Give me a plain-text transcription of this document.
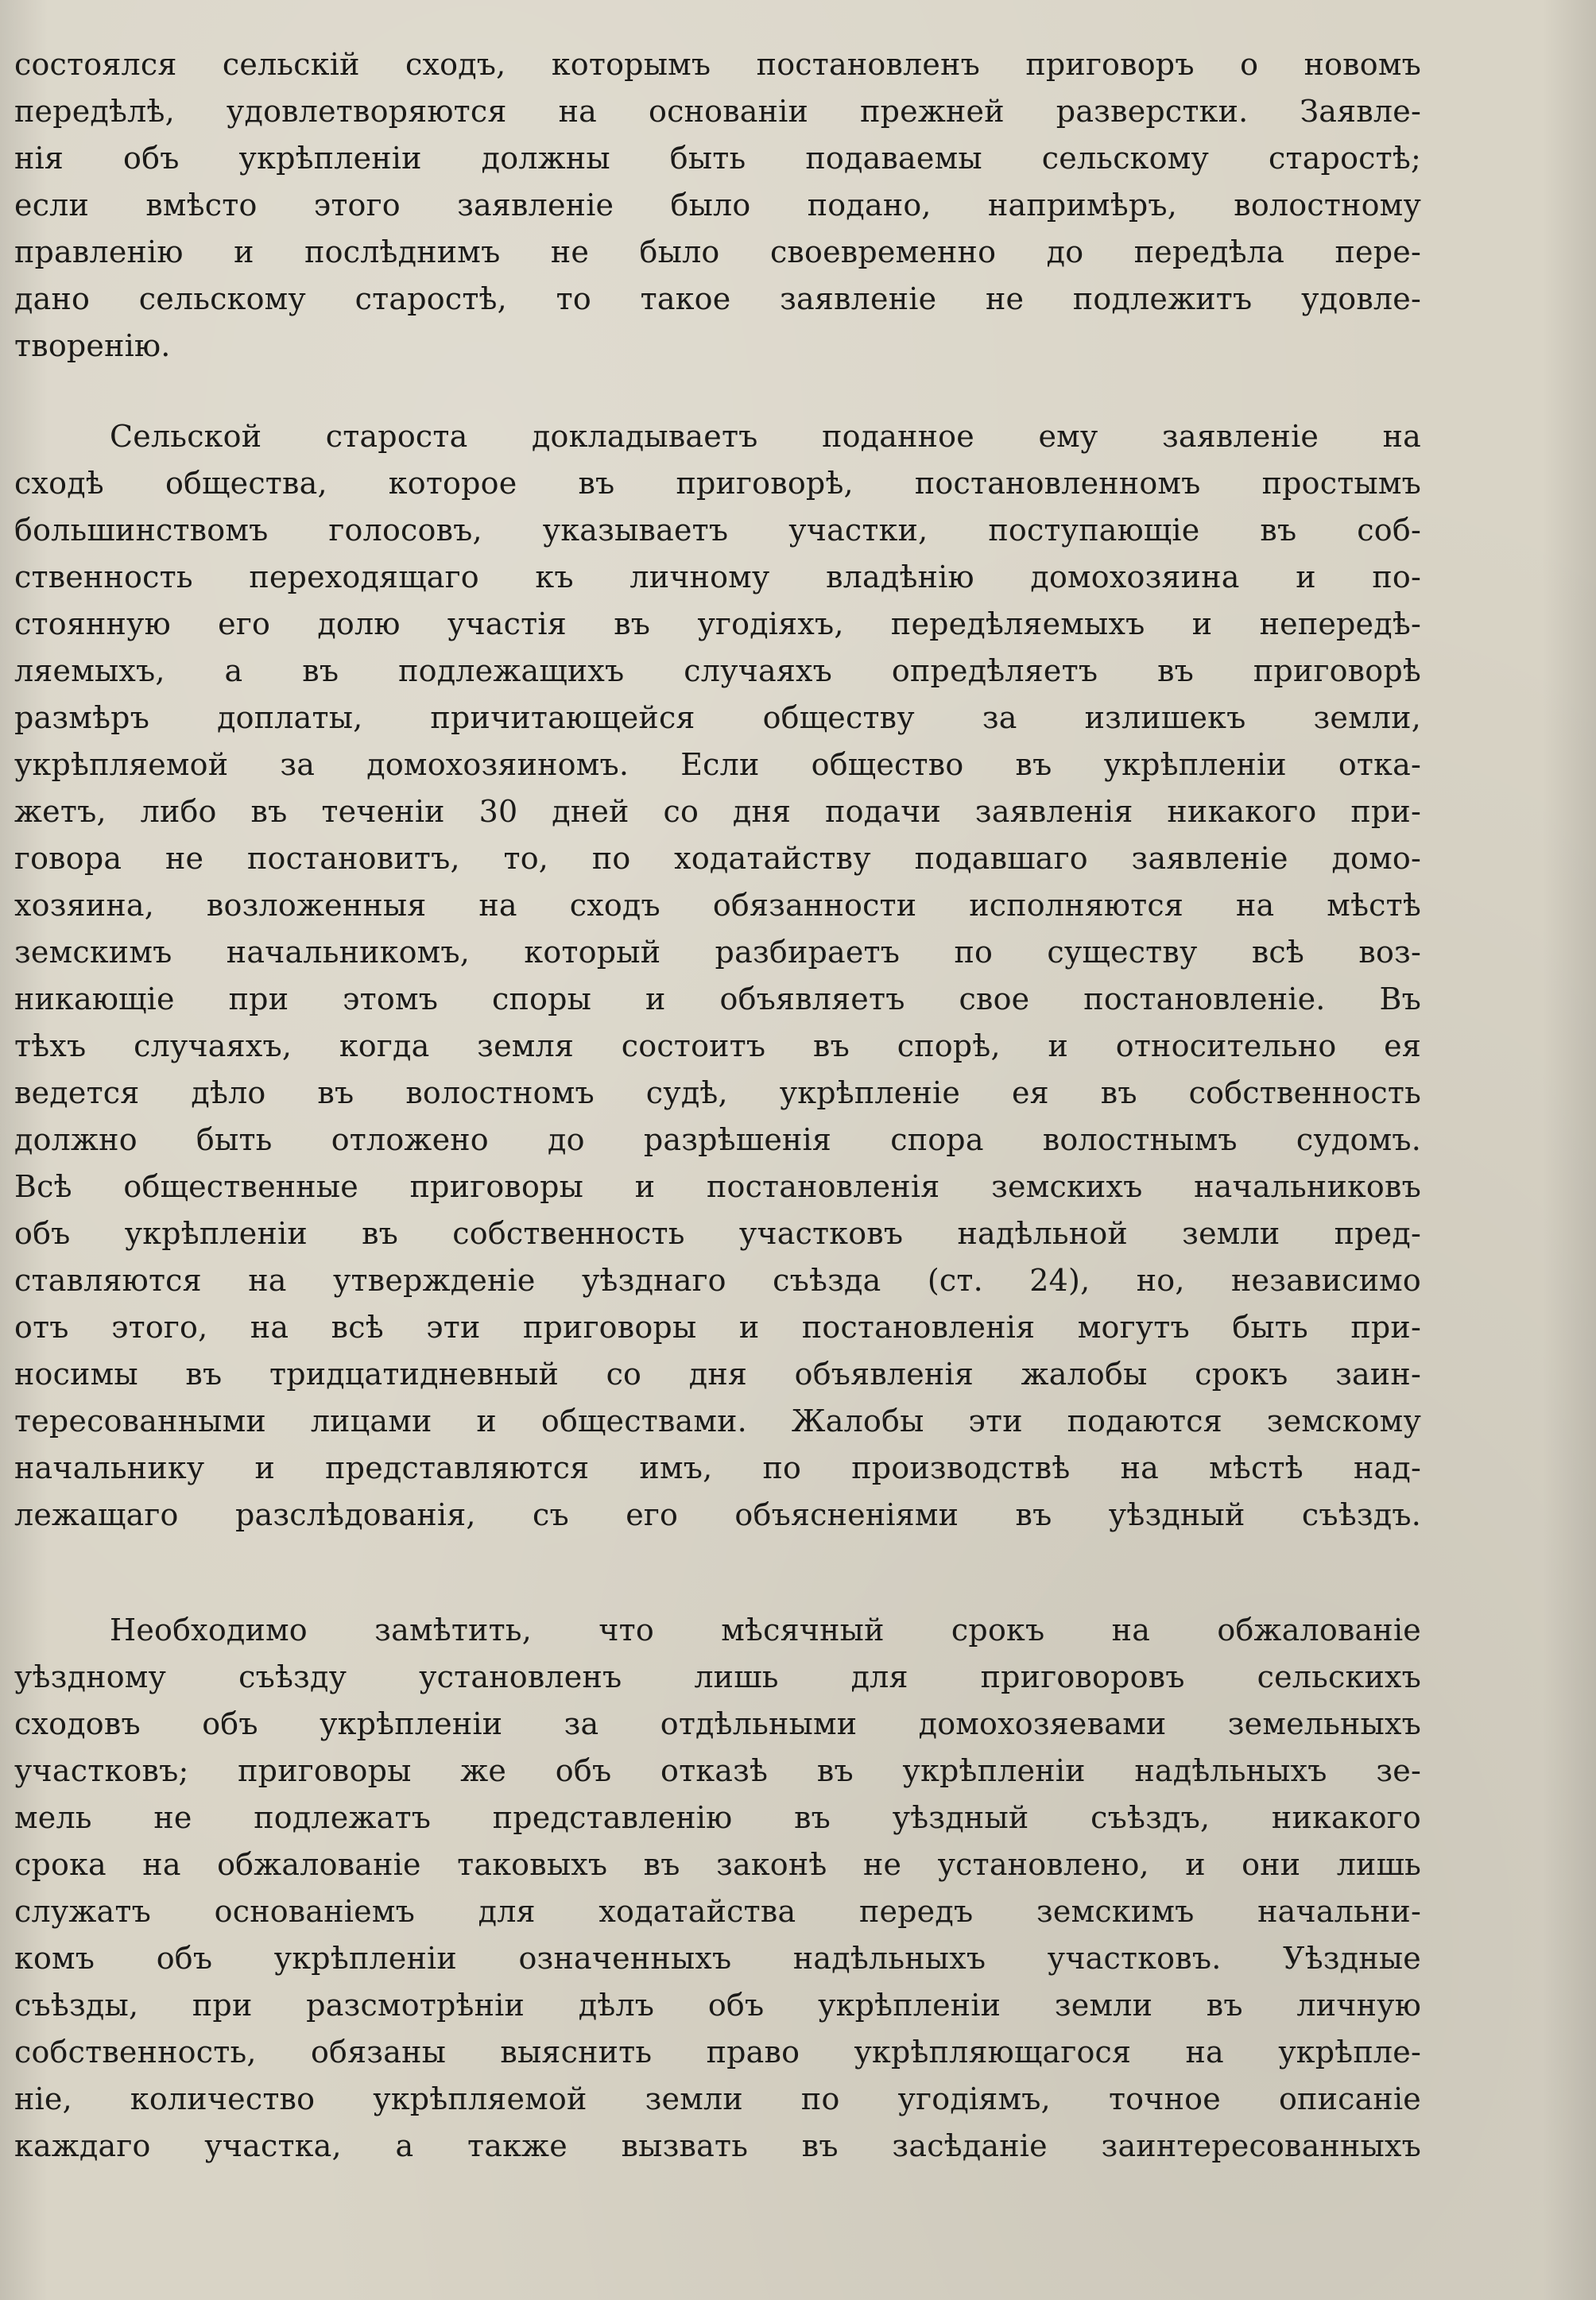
состоялся сельскій сходъ, которымъ постановленъ приговоръ о новомъ
передѣлѣ, удовлетворяются на основаніи прежней разверстки. Заявле-
нія объ укрѣпленіи должны быть подаваемы сельскому старостѣ;
если вмѣсто этого заявленіе было подано, напримѣръ, волостному
правленію и послѣднимъ не было своевременно до передѣла пере-
дано сельскому старостѣ, то такое заявленіе не подлежитъ удовле-
творенію.
Сельской староста докладываетъ поданное ему заявленіе на
сходѣ общества, которое въ приговорѣ, постановленномъ простымъ
большинствомъ голосовъ, указываетъ участки, поступающіе въ соб-
ственность переходящаго къ личному владѣнію домохозяина и по-
стоянную его долю участія въ угодіяхъ, передѣляемыхъ и непередѣ-
ляемыхъ, а въ подлежащихъ случаяхъ опредѣляетъ въ приговорѣ
размѣръ доплаты, причитающейся обществу за излишекъ земли,
укрѣпляемой за домохозяиномъ. Если общество въ укрѣпленіи отка-
жетъ, либо въ теченіи 30 дней со дня подачи заявленія никакого при-
говора не постановитъ, то, по ходатайству подавшаго заявленіе домо-
хозяина, возложенныя на сходъ обязанности исполняются на мѣстѣ
земскимъ начальникомъ, который разбираетъ по существу всѣ воз-
никающіе при этомъ споры и объявляетъ свое постановленіе. Въ
тѣхъ случаяхъ, когда земля состоитъ въ спорѣ, и относительно ея
ведется дѣло въ волостномъ судѣ, укрѣпленіе ея въ собственность
должно быть отложено до разрѣшенія спора волостнымъ судомъ.
Всѣ общественные приговоры и постановленія земскихъ начальниковъ
объ укрѣпленіи въ собственность участковъ надѣльной земли пред-
ставляются на утвержденіе уѣзднаго съѣзда (ст. 24), но, независимо
отъ этого, на всѣ эти приговоры и постановленія могутъ быть при-
носимы въ тридцатидневный со дня объявленія жалобы срокъ заин-
тересованными лицами и обществами. Жалобы эти подаются земскому
начальнику и представляются имъ, по производствѣ на мѣстѣ над-
лежащаго разслѣдованія, съ его объясненіями въ уѣздный съѣздъ.
Необходимо замѣтить, что мѣсячный срокъ на обжалованіе
уѣздному съѣзду установленъ лишь для приговоровъ сельскихъ
сходовъ объ укрѣпленіи за отдѣльными домохозяевами земельныхъ
участковъ; приговоры же объ отказѣ въ укрѣпленіи надѣльныхъ зе-
мель не подлежатъ представленію въ уѣздный съѣздъ, никакого
срока на обжалованіе таковыхъ въ законѣ не установлено, и они лишь
служатъ основаніемъ для ходатайства передъ земскимъ начальни-
комъ объ укрѣпленіи означенныхъ надѣльныхъ участковъ. Уѣздные
съѣзды, при разсмотрѣніи дѣлъ объ укрѣпленіи земли въ личную
собственность, обязаны выяснить право укрѣпляющагося на укрѣпле-
ніе, количество укрѣпляемой земли по угодіямъ, точное описаніе
каждаго участка, а также вызвать въ засѣданіе заинтересованныхъ
